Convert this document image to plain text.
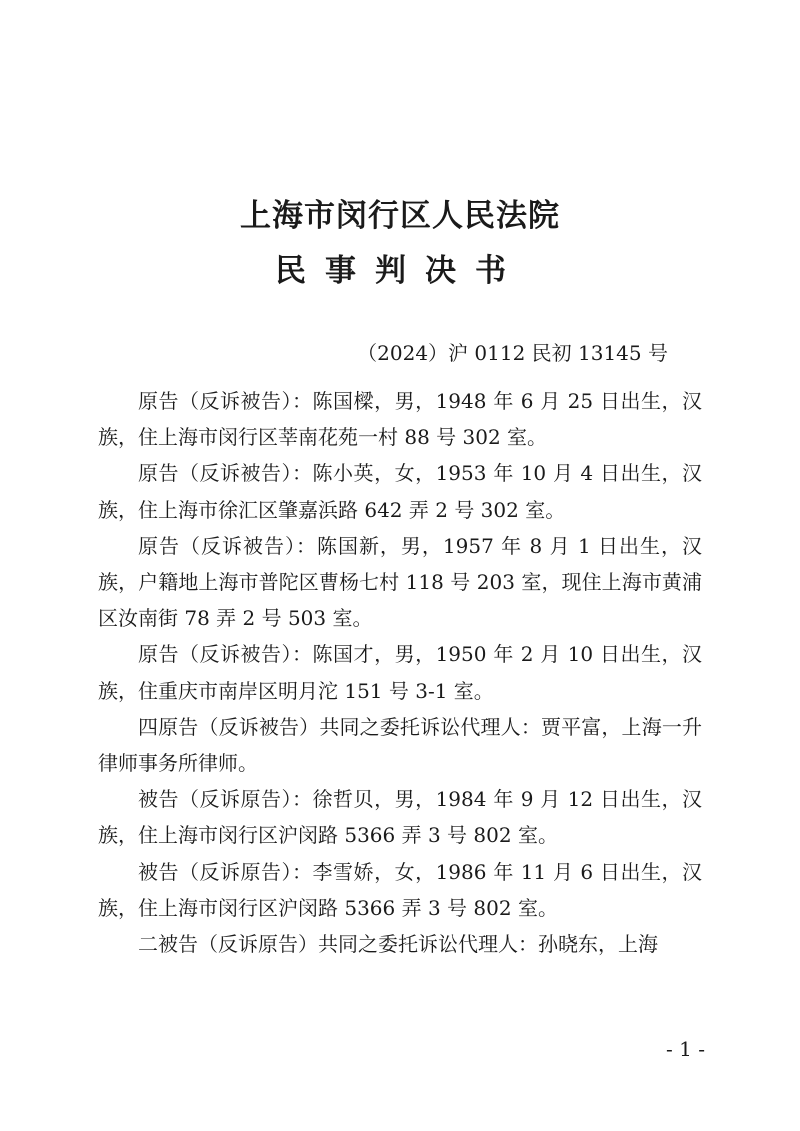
上海市闵行区人民法院
民事判决书
（2024）沪 0112 民初 13145 号

原告（反诉被告）：陈国樑，男，1948 年 6 月 25 日出生，汉族，住上海市闵行区莘南花苑一村 88 号 302 室。

原告（反诉被告）：陈小英，女，1953 年 10 月 4 日出生，汉族，住上海市徐汇区肇嘉浜路 642 弄 2 号 302 室。

原告（反诉被告）：陈国新，男，1957 年 8 月 1 日出生，汉族，户籍地上海市普陀区曹杨七村 118 号 203 室，现住上海市黄浦区汝南街 78 弄 2 号 503 室。

原告（反诉被告）：陈国才，男，1950 年 2 月 10 日出生，汉族，住重庆市南岸区明月沱 151 号 3-1 室。

四原告（反诉被告）共同之委托诉讼代理人：贾平富，上海一升律师事务所律师。

被告（反诉原告）：徐哲贝，男，1984 年 9 月 12 日出生，汉族，住上海市闵行区沪闵路 5366 弄 3 号 802 室。

被告（反诉原告）：李雪娇，女，1986 年 11 月 6 日出生，汉族，住上海市闵行区沪闵路 5366 弄 3 号 802 室。

二被告（反诉原告）共同之委托诉讼代理人：孙晓东，上海

- 1 -
